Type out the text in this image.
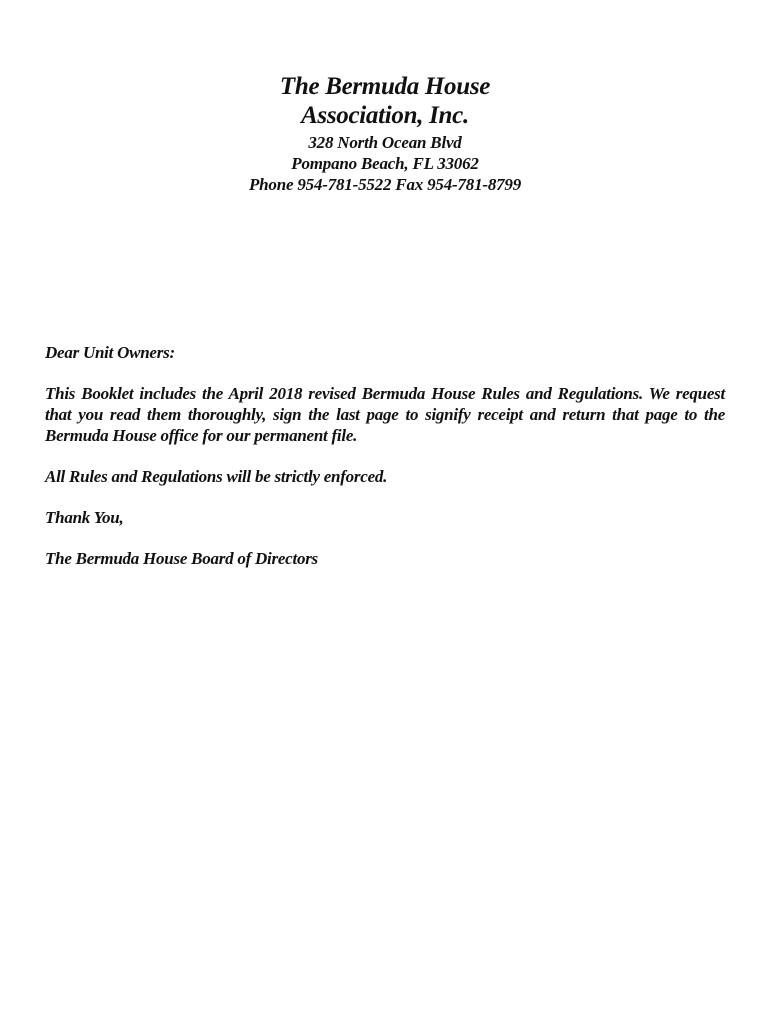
The Bermuda House
Association, Inc.
328 North Ocean Blvd
Pompano Beach, FL 33062
Phone 954-781-5522 Fax 954-781-8799

Dear Unit Owners:

This Booklet includes the April 2018 revised Bermuda House Rules and Regulations. We request that you read them thoroughly, sign the last page to signify receipt and return that page to the Bermuda House office for our permanent file.

All Rules and Regulations will be strictly enforced.

Thank You,

The Bermuda House Board of Directors
